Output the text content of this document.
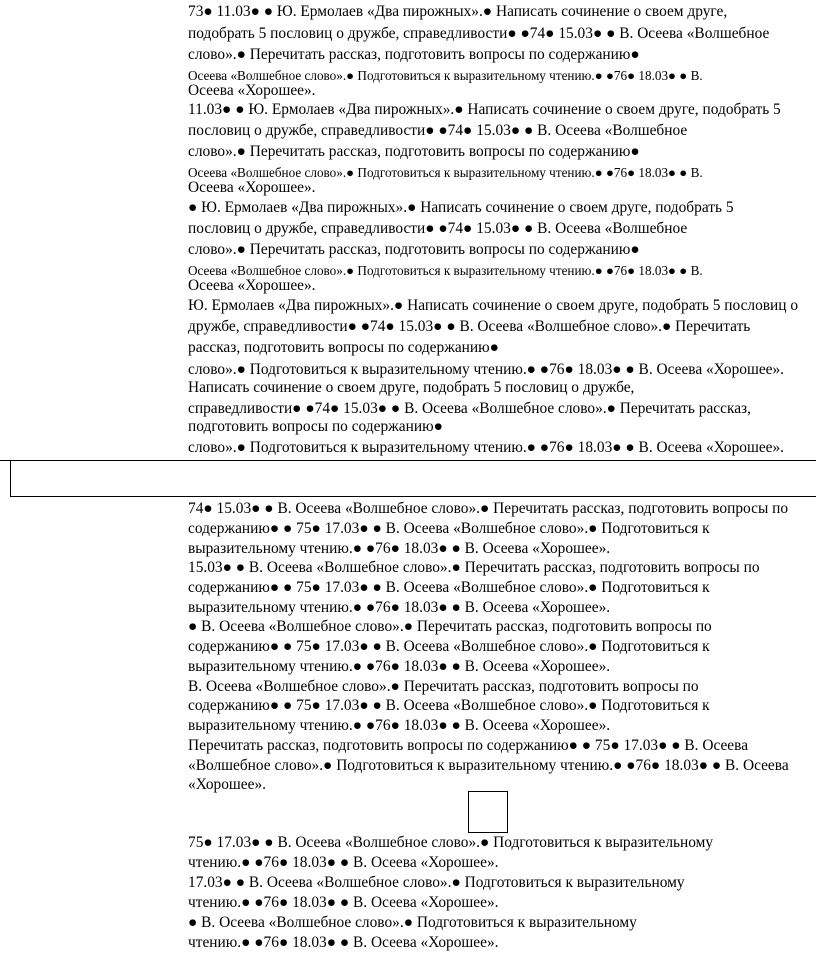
73● 11.03● ● Ю. Ермолаев «Два пирожных».● Написать сочинение о своем друге,
подобрать 5 пословиц о дружбе, справедливости● ●74● 15.03● ● В. Осеева «Волшебное
слово».● Перечитать рассказ, подготовить вопросы по содержанию●
Осеева «Волшебное слово».● Подготовиться к выразительному чтению.● ●76● 18.03● ● В.
Осеева «Хорошее».
11.03● ● Ю. Ермолаев «Два пирожных».● Написать сочинение о своем друге, подобрать 5
пословиц о дружбе, справедливости● ●74● 15.03● ● В. Осеева «Волшебное
слово».● Перечитать рассказ, подготовить вопросы по содержанию●
Осеева «Волшебное слово».● Подготовиться к выразительному чтению.● ●76● 18.03● ● В.
Осеева «Хорошее».
● Ю. Ермолаев «Два пирожных».● Написать сочинение о своем друге, подобрать 5
пословиц о дружбе, справедливости● ●74● 15.03● ● В. Осеева «Волшебное
слово».● Перечитать рассказ, подготовить вопросы по содержанию●
Осеева «Волшебное слово».● Подготовиться к выразительному чтению.● ●76● 18.03● ● В.
Осеева «Хорошее».
Ю. Ермолаев «Два пирожных».● Написать сочинение о своем друге, подобрать 5 пословиц о
дружбе, справедливости● ●74● 15.03● ● В. Осеева «Волшебное слово».● Перечитать
рассказ, подготовить вопросы по содержанию●
слово».● Подготовиться к выразительному чтению.● ●76● 18.03● ● В. Осеева «Хорошее».
Написать сочинение о своем друге, подобрать 5 пословиц о дружбе,
справедливости● ●74● 15.03● ● В. Осеева «Волшебное слово».● Перечитать рассказ,
подготовить вопросы по содержанию●
слово».● Подготовиться к выразительному чтению.● ●76● 18.03● ● В. Осеева «Хорошее».
74● 15.03● ● В. Осеева «Волшебное слово».● Перечитать рассказ, подготовить вопросы по
содержанию● ● 75● 17.03● ● В. Осеева «Волшебное слово».● Подготовиться к
выразительному чтению.● ●76● 18.03● ● В. Осеева «Хорошее».
15.03● ● В. Осеева «Волшебное слово».● Перечитать рассказ, подготовить вопросы по
содержанию● ● 75● 17.03● ● В. Осеева «Волшебное слово».● Подготовиться к
выразительному чтению.● ●76● 18.03● ● В. Осеева «Хорошее».
● В. Осеева «Волшебное слово».● Перечитать рассказ, подготовить вопросы по
содержанию● ● 75● 17.03● ● В. Осеева «Волшебное слово».● Подготовиться к
выразительному чтению.● ●76● 18.03● ● В. Осеева «Хорошее».
В. Осеева «Волшебное слово».● Перечитать рассказ, подготовить вопросы по
содержанию● ● 75● 17.03● ● В. Осеева «Волшебное слово».● Подготовиться к
выразительному чтению.● ●76● 18.03● ● В. Осеева «Хорошее».
Перечитать рассказ, подготовить вопросы по содержанию● ● 75● 17.03● ● В. Осеева
«Волшебное слово».● Подготовиться к выразительному чтению.● ●76● 18.03● ● В. Осеева
«Хорошее».
75● 17.03● ● В. Осеева «Волшебное слово».● Подготовиться к выразительному
чтению.● ●76● 18.03● ● В. Осеева «Хорошее».
17.03● ● В. Осеева «Волшебное слово».● Подготовиться к выразительному
чтению.● ●76● 18.03● ● В. Осеева «Хорошее».
● В. Осеева «Волшебное слово».● Подготовиться к выразительному
чтению.● ●76● 18.03● ● В. Осеева «Хорошее».
